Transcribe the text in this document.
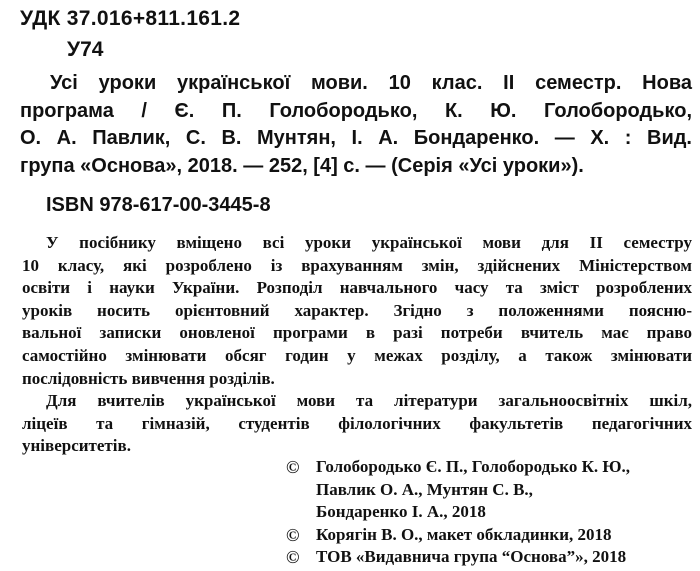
УДК 37.016+811.161.2
У74
Усі уроки української мови. 10 клас. ІІ семестр. Нова
програма / Є. П. Голобородько, К. Ю. Голобородько,
О. А. Павлик, С. В. Мунтян, І. А. Бондаренко. — Х. : Вид.
група «Основа», 2018. — 252, [4] с. — (Серія «Усі уроки»).
ISBN 978-617-00-3445-8
У посібнику вміщено всі уроки української мови для ІІ семестру
10 класу, які розроблено із врахуванням змін, здійснених Міністерством
освіти і науки України. Розподіл навчального часу та зміст розроблених
уроків носить орієнтовний характер. Згідно з положеннями поясню-
вальної записки оновленої програми в разі потреби вчитель має право
самостійно змінювати обсяг годин у межах розділу, а також змінювати
послідовність вивчення розділів.
Для вчителів української мови та літератури загальноосвітніх шкіл,
ліцеїв та гімназій, студентів філологічних факультетів педагогічних
університетів.
© Голобородько Є. П., Голобородько К. Ю.,
Павлик О. А., Мунтян С. В.,
Бондаренко І. А., 2018
© Корягін В. О., макет обкладинки, 2018
© ТОВ «Видавнича група “Основа”», 2018
